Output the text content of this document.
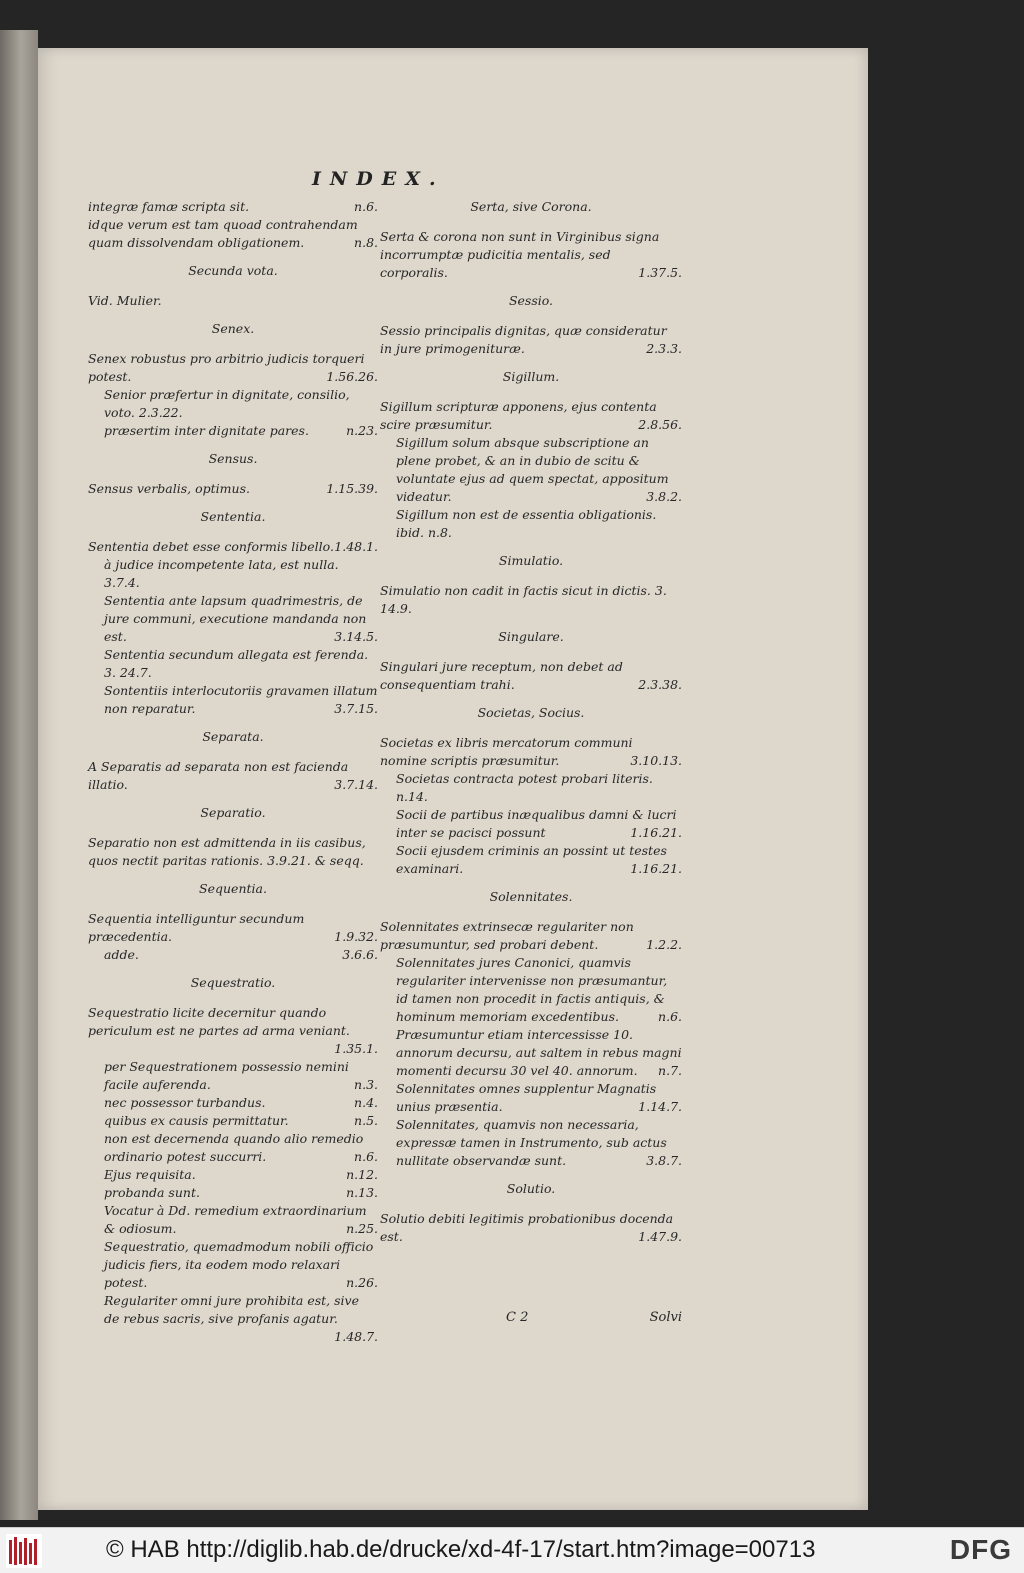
INDEX.
integræ famæ scripta sit.	n.6.
idque verum est tam quoad contrahendam quam dissolvendam obligationem.	n.8.
Secunda vota.
Vid. Mulier.
Senex.
Senex robustus pro arbitrio judicis torqueri potest.	1.56.26.
Senior præfertur in dignitate, consilio, voto. 2.3.22.
præsertim inter dignitate pares.	n.23.
Sensus.
Sensus verbalis, optimus.	1.15.39.
Sententia.
Sententia debet esse conformis libello. 1.48.1.
à judice incompetente lata, est nulla. 3.7.4.
Sententia ante lapsum quadrimestris, de jure communi, executione mandanda non est.	3.14.5.
Sententia secundum allegata est ferenda. 3. 24.7.
Sontentiis interlocutoriis gravamen illatum non reparatur.	3.7.15.
Separata.
A Separatis ad separata non est facienda illatio.	3.7.14.
Separatio.
Separatio non est admittenda in iis casibus, quos nectit paritas rationis. 3.9.21. & seqq.
Sequentia.
Sequentia intelliguntur secundum præcedentia.	1.9.32.
adde.	3.6.6.
Sequestratio.
Sequestratio licite decernitur quando periculum est ne partes ad arma veniant.
1.35.1.
per Sequestrationem possessio nemini facile auferenda.	n.3.
nec possessor turbandus.	n.4.
quibus ex causis permittatur.	n.5.
non est decernenda quando alio remedio ordinario potest succurri.	n.6.
Ejus requisita.	n.12.
probanda sunt.	n.13.
Vocatur à Dd. remedium extraordinarium & odiosum.	n.25.
Sequestratio, quemadmodum nobili officio judicis fiers, ita eodem modo relaxari potest.	n.26.
Regulariter omni jure prohibita est, sive de rebus sacris, sive profanis agatur.
1.48.7.
Serta, sive Corona.
Serta & corona non sunt in Virginibus signa incorrumptæ pudicitia mentalis, sed corporalis.	1.37.5.
Sessio.
Sessio principalis dignitas, quæ consideratur in jure primogenituræ.	2.3.3.
Sigillum.
Sigillum scripturæ apponens, ejus contenta scire præsumitur.	2.8.56.
Sigillum solum absque subscriptione an plene probet, & an in dubio de scitu & voluntate ejus ad quem spectat, appositum videatur.	3.8.2.
Sigillum non est de essentia obligationis. ibid. n.8.
Simulatio.
Simulatio non cadit in factis sicut in dictis. 3. 14.9.
Singulare.
Singulari jure receptum, non debet ad consequentiam trahi.	2.3.38.
Societas, Socius.
Societas ex libris mercatorum communi nomine scriptis præsumitur.	3.10.13.
Societas contracta potest probari literis. n.14.
Socii de partibus inæqualibus damni & lucri inter se pacisci possunt	1.16.21.
Socii ejusdem criminis an possint ut testes examinari.	1.16.21.
Solennitates.
Solennitates extrinsecæ regulariter non præsumuntur, sed probari debent.	1.2.2.
Solennitates jures Canonici, quamvis regulariter intervenisse non præsumantur, id tamen non procedit in factis antiquis, & hominum memoriam excedentibus.	n.6.
Præsumuntur etiam intercessisse 10. annorum decursu, aut saltem in rebus magni momenti decursu 30 vel 40. annorum. n.7.
Solennitates omnes supplentur Magnatis unius præsentia.	1.14.7.
Solennitates, quamvis non necessaria, expressæ tamen in Instrumento, sub actus nullitate observandæ sunt.	3.8.7.
Solutio.
Solutio debiti legitimis probationibus docenda est.	1.47.9.
C 2	Solvi
© HAB http://diglib.hab.de/drucke/xd-4f-17/start.htm?image=00713	DFG
